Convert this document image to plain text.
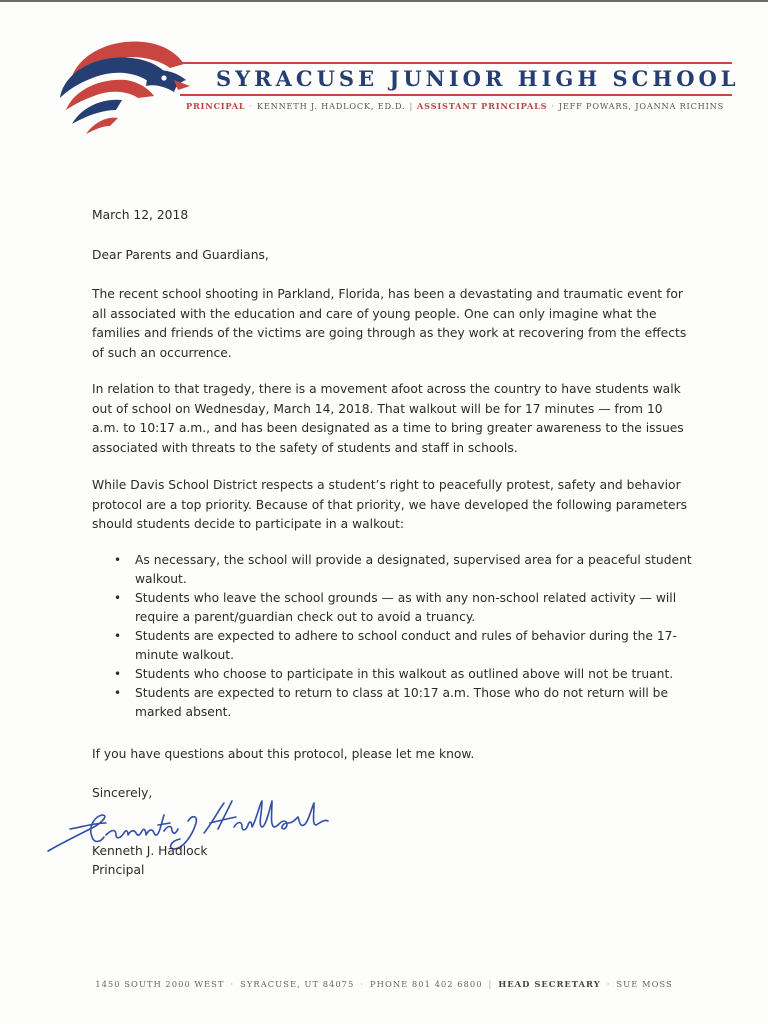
SYRACUSE JUNIOR HIGH SCHOOL
PRINCIPAL · KENNETH J. HADLOCK, ED.D. | ASSISTANT PRINCIPALS · JEFF POWARS, JOANNA RICHINS
March 12, 2018
Dear Parents and Guardians,
The recent school shooting in Parkland, Florida, has been a devastating and traumatic event for all associated with the education and care of young people. One can only imagine what the families and friends of the victims are going through as they work at recovering from the effects of such an occurrence.
In relation to that tragedy, there is a movement afoot across the country to have students walk out of school on Wednesday, March 14, 2018. That walkout will be for 17 minutes — from 10 a.m. to 10:17 a.m., and has been designated as a time to bring greater awareness to the issues associated with threats to the safety of students and staff in schools.
While Davis School District respects a student’s right to peacefully protest, safety and behavior protocol are a top priority. Because of that priority, we have developed the following parameters should students decide to participate in a walkout:
• As necessary, the school will provide a designated, supervised area for a peaceful student walkout.
• Students who leave the school grounds — as with any non-school related activity — will require a parent/guardian check out to avoid a truancy.
• Students are expected to adhere to school conduct and rules of behavior during the 17-minute walkout.
• Students who choose to participate in this walkout as outlined above will not be truant.
• Students are expected to return to class at 10:17 a.m. Those who do not return will be marked absent.
If you have questions about this protocol, please let me know.
Sincerely,
Kenneth J. Hadlock
Principal
1450 SOUTH 2000 WEST · SYRACUSE, UT 84075 · PHONE 801 402 6800 | HEAD SECRETARY · SUE MOSS
